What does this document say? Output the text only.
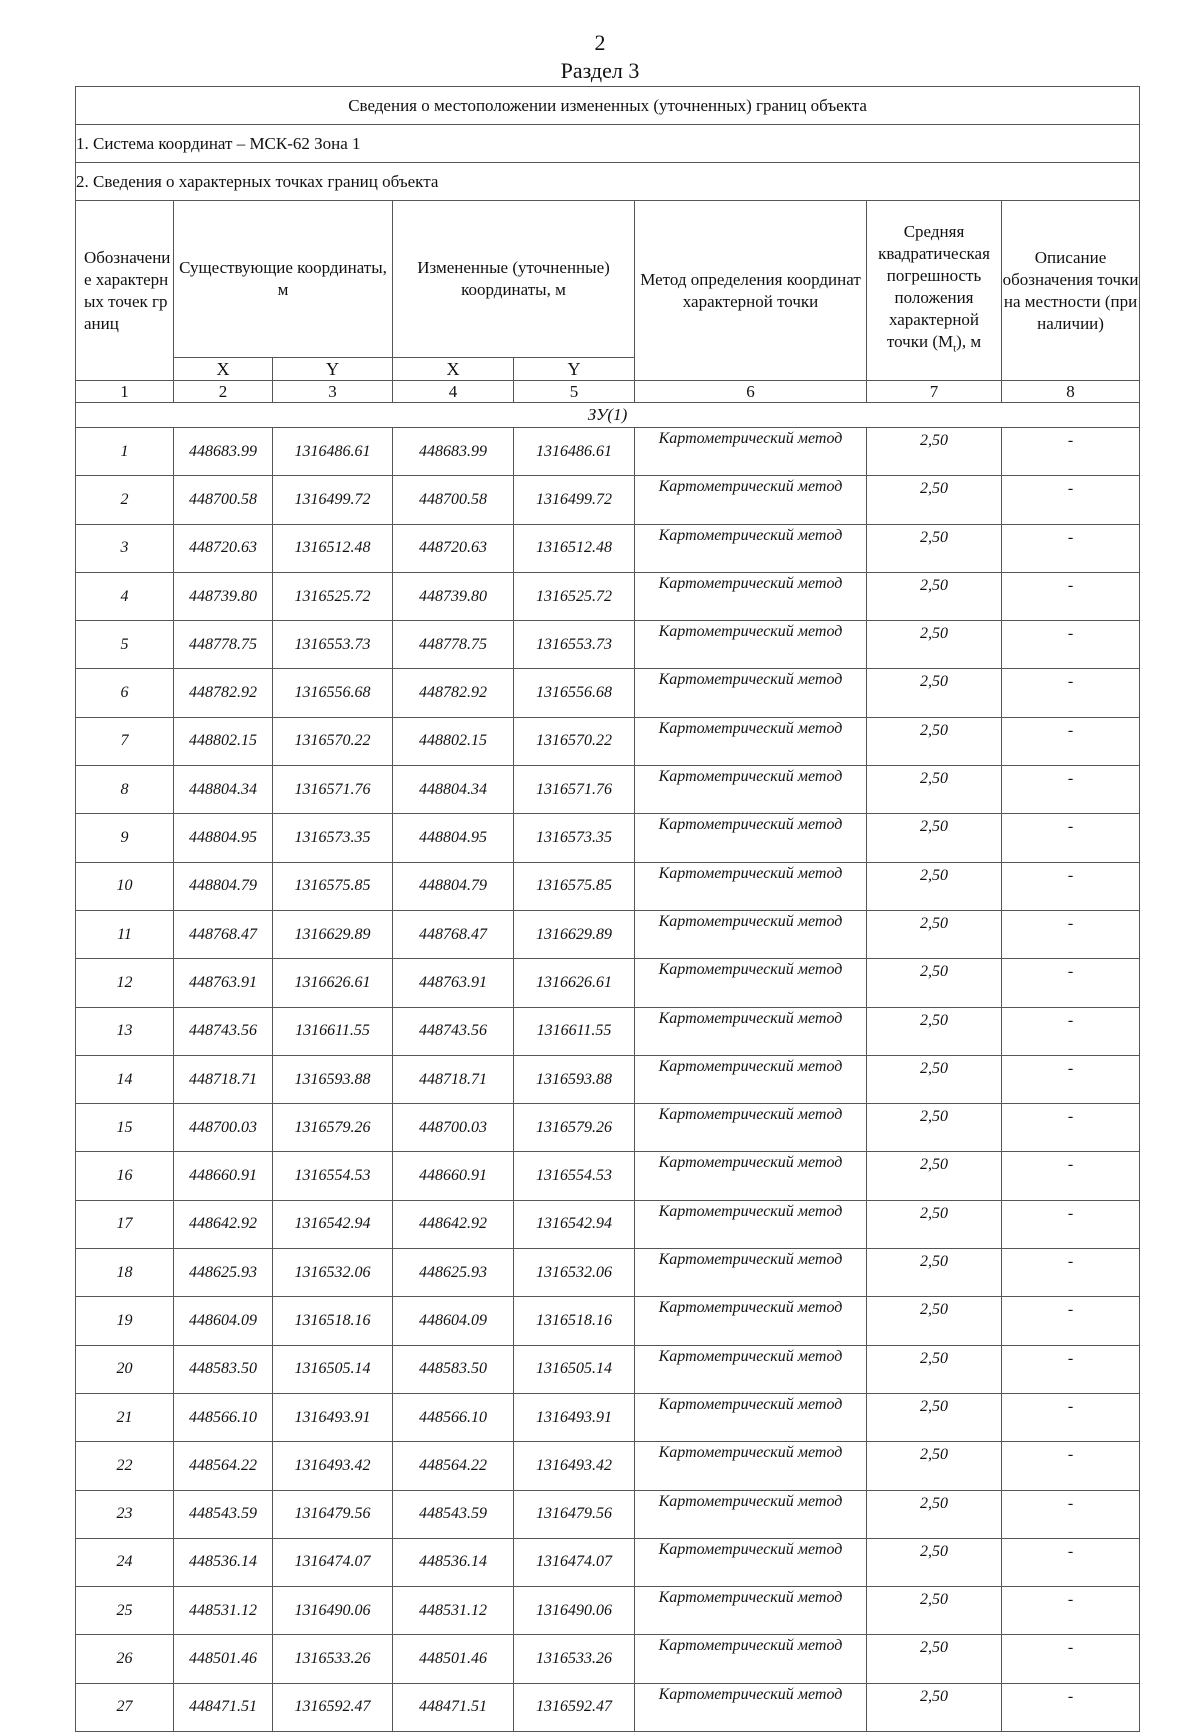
2
Раздел 3
Сведения о местоположении измененных (уточненных) границ объекта							
1. Система координат – МСК-62 Зона 1							
2. Сведения о характерных точках границ объекта							
Обозначение характерных точек границ	Существующие координаты, м		Измененные (уточненные) координаты, м		Метод определения координат характерной точки	Средняя квадратическая погрешность положения характерной точки $(M_t)$, м	Описание обозначения точки на местности (при наличии)
	X	Y	X	Y			
1	2	3	4	5	6	7	8
ЗУ(1)							
1	448683.99	1316486.61	448683.99	1316486.61	Картометрический метод	2,50	-
2	448700.58	1316499.72	448700.58	1316499.72	Картометрический метод	2,50	-
3	448720.63	1316512.48	448720.63	1316512.48	Картометрический метод	2,50	-
4	448739.80	1316525.72	448739.80	1316525.72	Картометрический метод	2,50	-
5	448778.75	1316553.73	448778.75	1316553.73	Картометрический метод	2,50	-
6	448782.92	1316556.68	448782.92	1316556.68	Картометрический метод	2,50	-
7	448802.15	1316570.22	448802.15	1316570.22	Картометрический метод	2,50	-
8	448804.34	1316571.76	448804.34	1316571.76	Картометрический метод	2,50	-
9	448804.95	1316573.35	448804.95	1316573.35	Картометрический метод	2,50	-
10	448804.79	1316575.85	448804.79	1316575.85	Картометрический метод	2,50	-
11	448768.47	1316629.89	448768.47	1316629.89	Картометрический метод	2,50	-
12	448763.91	1316626.61	448763.91	1316626.61	Картометрический метод	2,50	-
13	448743.56	1316611.55	448743.56	1316611.55	Картометрический метод	2,50	-
14	448718.71	1316593.88	448718.71	1316593.88	Картометрический метод	2,50	-
15	448700.03	1316579.26	448700.03	1316579.26	Картометрический метод	2,50	-
16	448660.91	1316554.53	448660.91	1316554.53	Картометрический метод	2,50	-
17	448642.92	1316542.94	448642.92	1316542.94	Картометрический метод	2,50	-
18	448625.93	1316532.06	448625.93	1316532.06	Картометрический метод	2,50	-
19	448604.09	1316518.16	448604.09	1316518.16	Картометрический метод	2,50	-
20	448583.50	1316505.14	448583.50	1316505.14	Картометрический метод	2,50	-
21	448566.10	1316493.91	448566.10	1316493.91	Картометрический метод	2,50	-
22	448564.22	1316493.42	448564.22	1316493.42	Картометрический метод	2,50	-
23	448543.59	1316479.56	448543.59	1316479.56	Картометрический метод	2,50	-
24	448536.14	1316474.07	448536.14	1316474.07	Картометрический метод	2,50	-
25	448531.12	1316490.06	448531.12	1316490.06	Картометрический метод	2,50	-
26	448501.46	1316533.26	448501.46	1316533.26	Картометрический метод	2,50	-
27	448471.51	1316592.47	448471.51	1316592.47	Картометрический метод	2,50	-
